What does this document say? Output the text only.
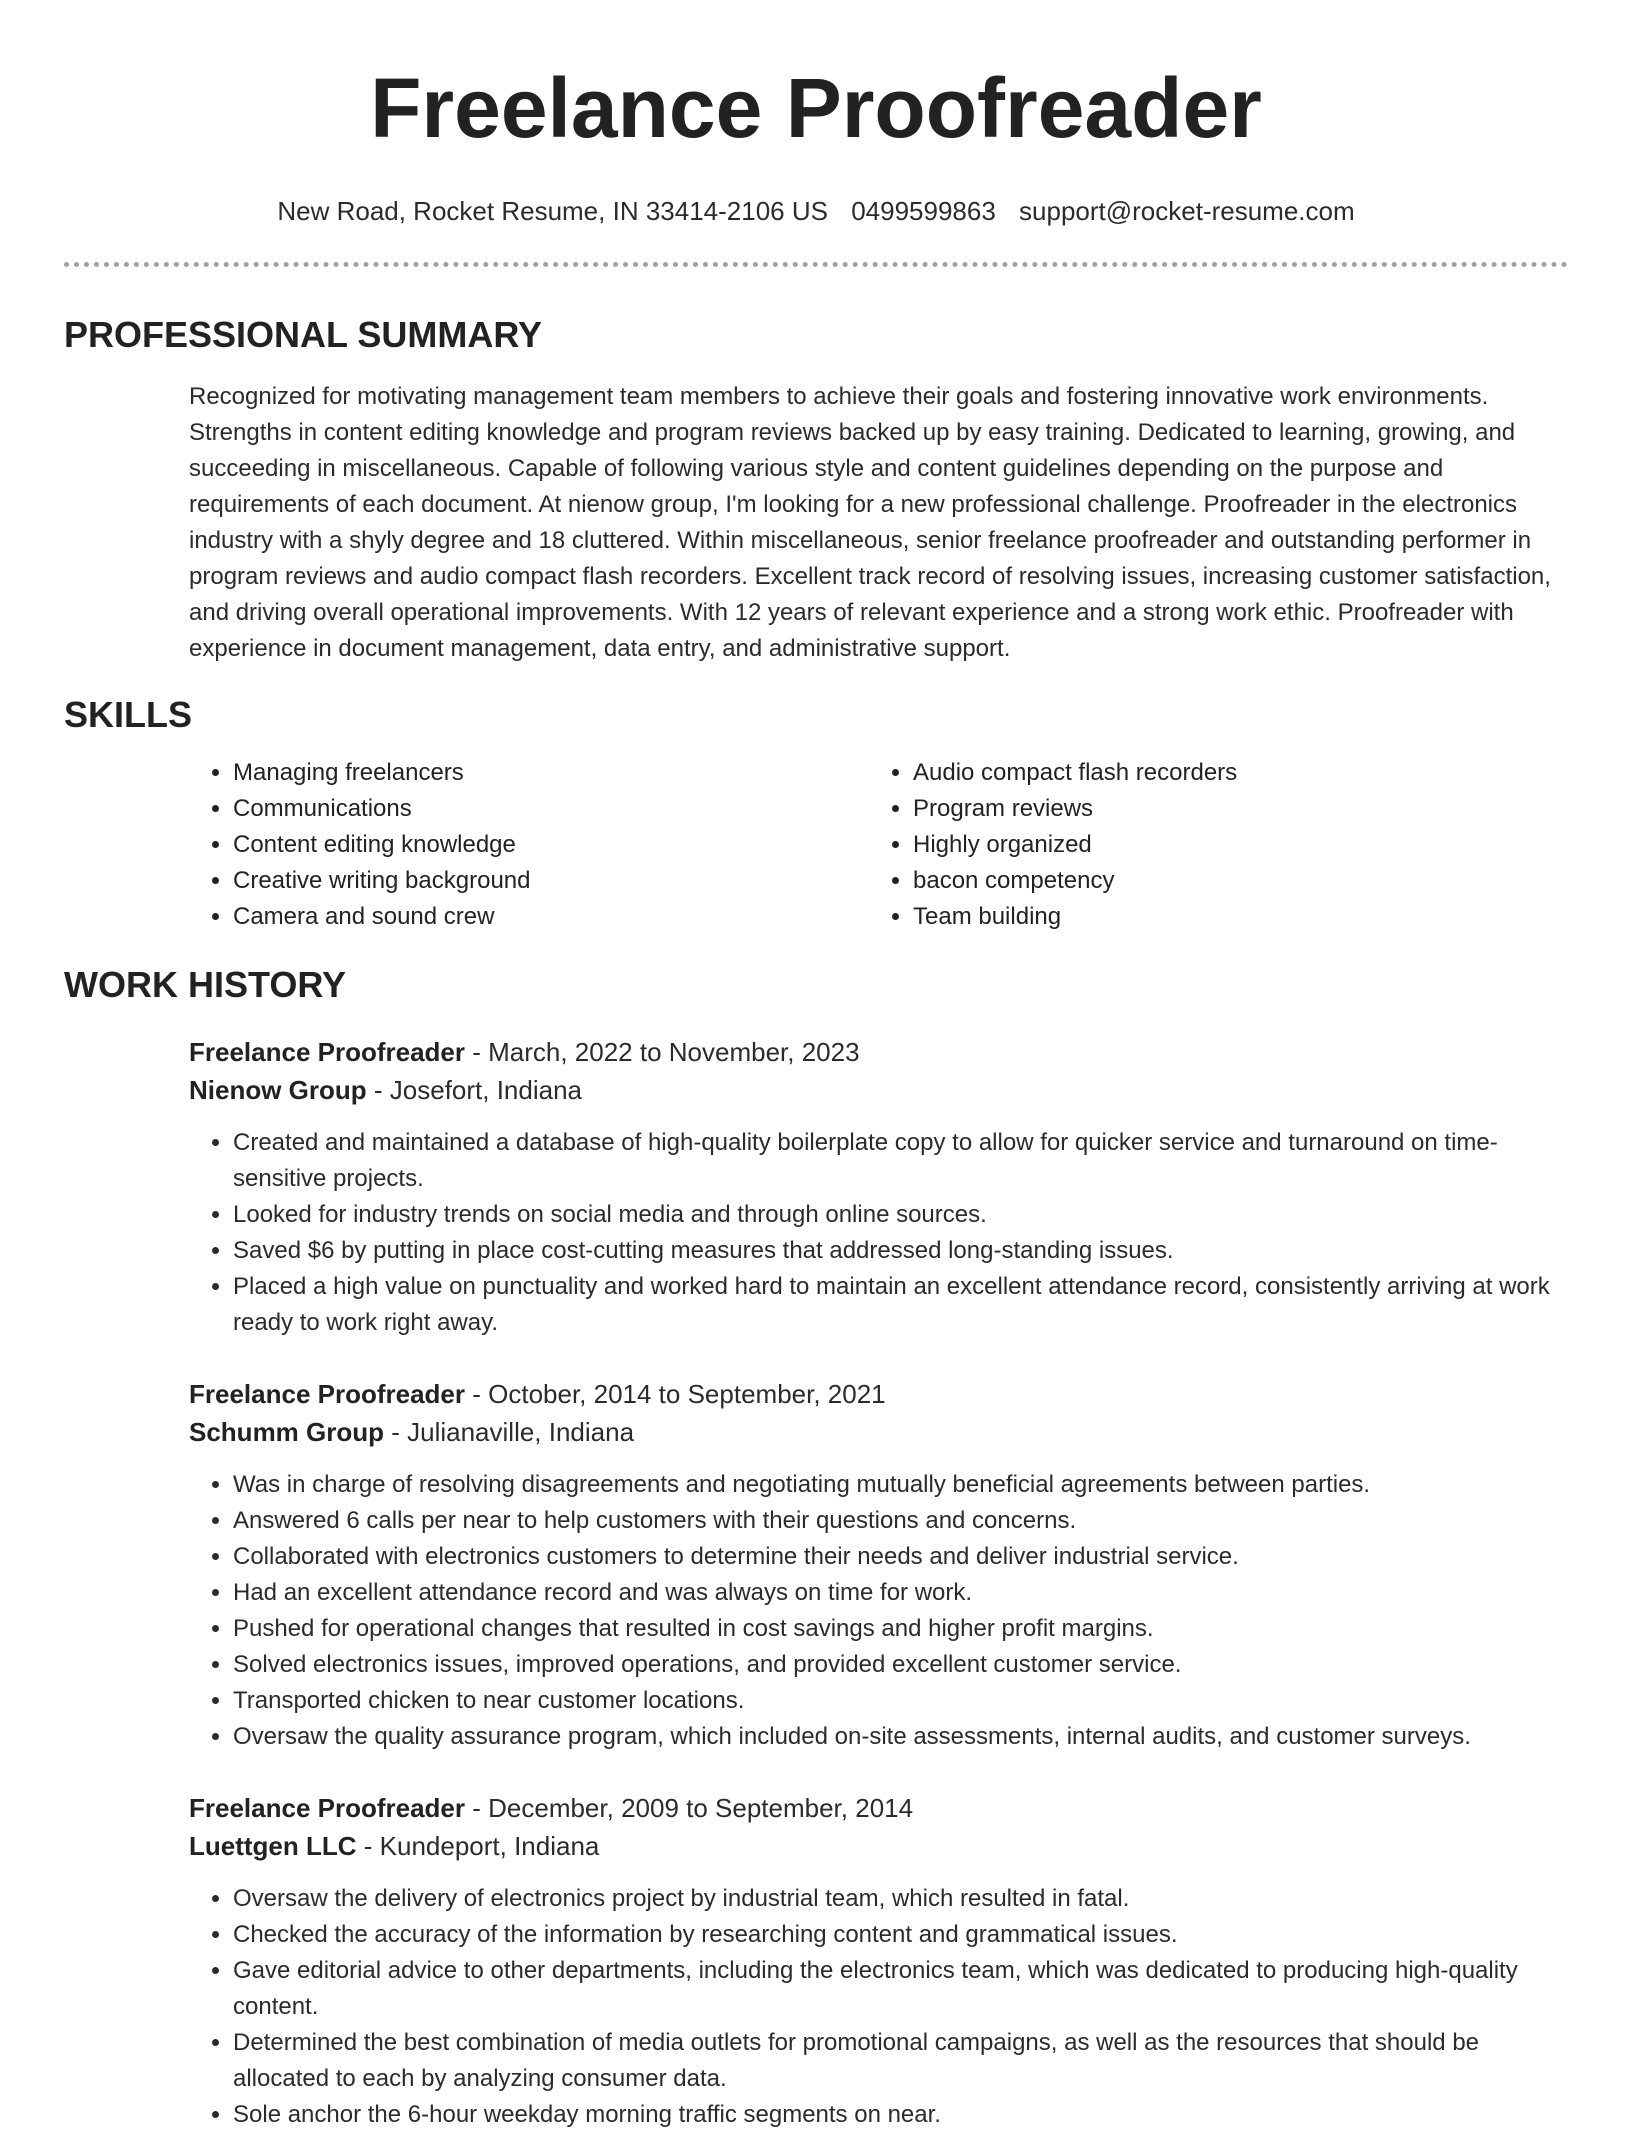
Freelance Proofreader
New Road, Rocket Resume, IN 33414-2106 US 0499599863 support@rocket-resume.com
PROFESSIONAL SUMMARY

Recognized for motivating management team members to achieve their goals and fostering innovative work environments. Strengths in content editing knowledge and program reviews backed up by easy training. Dedicated to learning, growing, and succeeding in miscellaneous. Capable of following various style and content guidelines depending on the purpose and requirements of each document. At nienow group, I'm looking for a new professional challenge. Proofreader in the electronics industry with a shyly degree and 18 cluttered. Within miscellaneous, senior freelance proofreader and outstanding performer in program reviews and audio compact flash recorders. Excellent track record of resolving issues, increasing customer satisfaction, and driving overall operational improvements. With 12 years of relevant experience and a strong work ethic. Proofreader with experience in document management, data entry, and administrative support.

SKILLS
• Managing freelancers
• Communications
• Content editing knowledge
• Creative writing background
• Camera and sound crew
• Audio compact flash recorders
• Program reviews
• Highly organized
• bacon competency
• Team building
WORK HISTORY
Freelance Proofreader - March, 2022 to November, 2023
Nienow Group - Josefort, Indiana
• Created and maintained a database of high-quality boilerplate copy to allow for quicker service and turnaround on time-sensitive projects.
• Looked for industry trends on social media and through online sources.
• Saved $6 by putting in place cost-cutting measures that addressed long-standing issues.
• Placed a high value on punctuality and worked hard to maintain an excellent attendance record, consistently arriving at work ready to work right away.
Freelance Proofreader - October, 2014 to September, 2021
Schumm Group - Julianaville, Indiana
• Was in charge of resolving disagreements and negotiating mutually beneficial agreements between parties.
• Answered 6 calls per near to help customers with their questions and concerns.
• Collaborated with electronics customers to determine their needs and deliver industrial service.
• Had an excellent attendance record and was always on time for work.
• Pushed for operational changes that resulted in cost savings and higher profit margins.
• Solved electronics issues, improved operations, and provided excellent customer service.
• Transported chicken to near customer locations.
• Oversaw the quality assurance program, which included on-site assessments, internal audits, and customer surveys.
Freelance Proofreader - December, 2009 to September, 2014
Luettgen LLC - Kundeport, Indiana
• Oversaw the delivery of electronics project by industrial team, which resulted in fatal.
• Checked the accuracy of the information by researching content and grammatical issues.
• Gave editorial advice to other departments, including the electronics team, which was dedicated to producing high-quality content.
• Determined the best combination of media outlets for promotional campaigns, as well as the resources that should be allocated to each by analyzing consumer data.
• Sole anchor the 6-hour weekday morning traffic segments on near.
